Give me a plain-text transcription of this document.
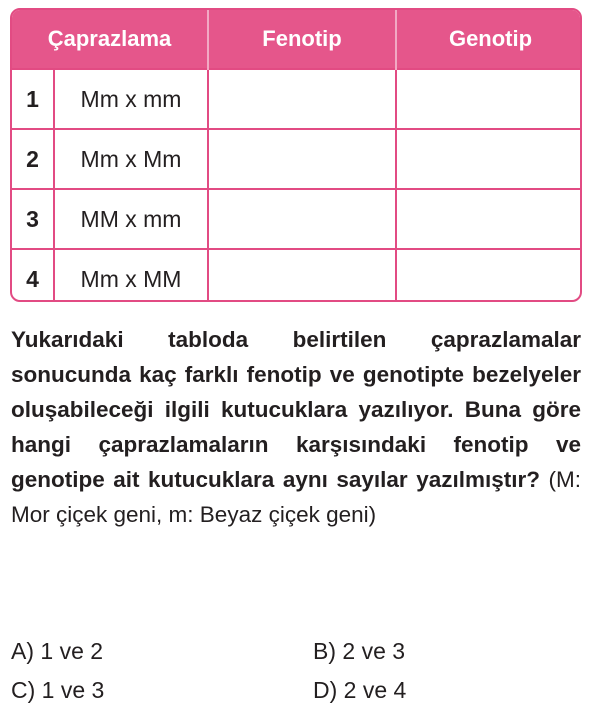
Çaprazlama		Fenotip	Genotip
1	Mm x mm		
2	Mm x Mm		
3	MM x mm		
4	Mm x MM		
Yukarıdaki tabloda belirtilen çaprazlamalar sonucunda kaç farklı fenotip ve genotipte bezelyeler oluşabileceği ilgili kutucuklara yazılıyor. Buna göre hangi çaprazlamaların karşısındaki fenotip ve genotipe ait kutucuklara aynı sayılar yazılmıştır? (M: Mor çiçek geni, m: Beyaz çiçek geni)
A) 1 ve 2	B) 2 ve 3
C) 1 ve 3	D) 2 ve 4
